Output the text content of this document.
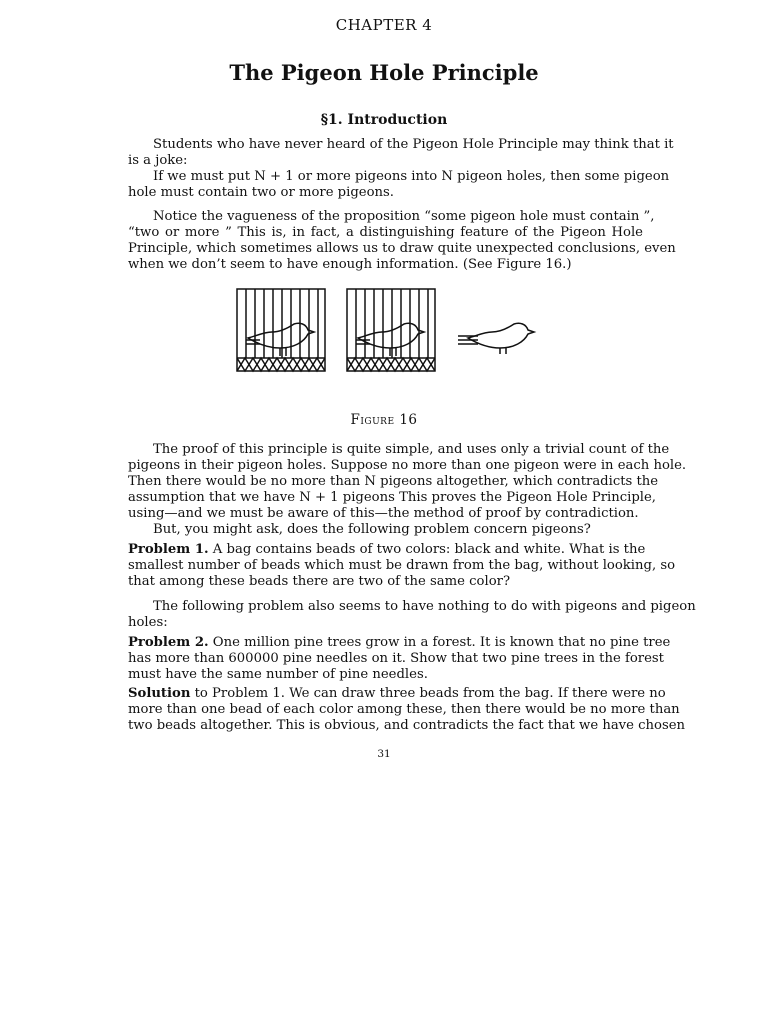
CHAPTER 4
The Pigeon Hole Principle
§1. Introduction
Students who have never heard of the Pigeon Hole Principle may think that it
is a joke:
If we must put N + 1 or more pigeons into N pigeon holes, then some pigeon
hole must contain two or more pigeons.
Notice the vagueness of the proposition “some pigeon hole must contain ”,
“two or more ” This is, in fact, a distinguishing feature of the Pigeon Hole
Principle, which sometimes allows us to draw quite unexpected conclusions, even
when we don’t seem to have enough information. (See Figure 16.)
Figure 16
The proof of this principle is quite simple, and uses only a trivial count of the
pigeons in their pigeon holes. Suppose no more than one pigeon were in each hole.
Then there would be no more than N pigeons altogether, which contradicts the
assumption that we have N + 1 pigeons This proves the Pigeon Hole Principle,
using—and we must be aware of this—the method of proof by contradiction.
But, you might ask, does the following problem concern pigeons?
Problem 1. A bag contains beads of two colors: black and white. What is the
smallest number of beads which must be drawn from the bag, without looking, so
that among these beads there are two of the same color?
The following problem also seems to have nothing to do with pigeons and pigeon
holes:
Problem 2. One million pine trees grow in a forest. It is known that no pine tree
has more than 600000 pine needles on it. Show that two pine trees in the forest
must have the same number of pine needles.
Solution to Problem 1. We can draw three beads from the bag. If there were no
more than one bead of each color among these, then there would be no more than
two beads altogether. This is obvious, and contradicts the fact that we have chosen
31
